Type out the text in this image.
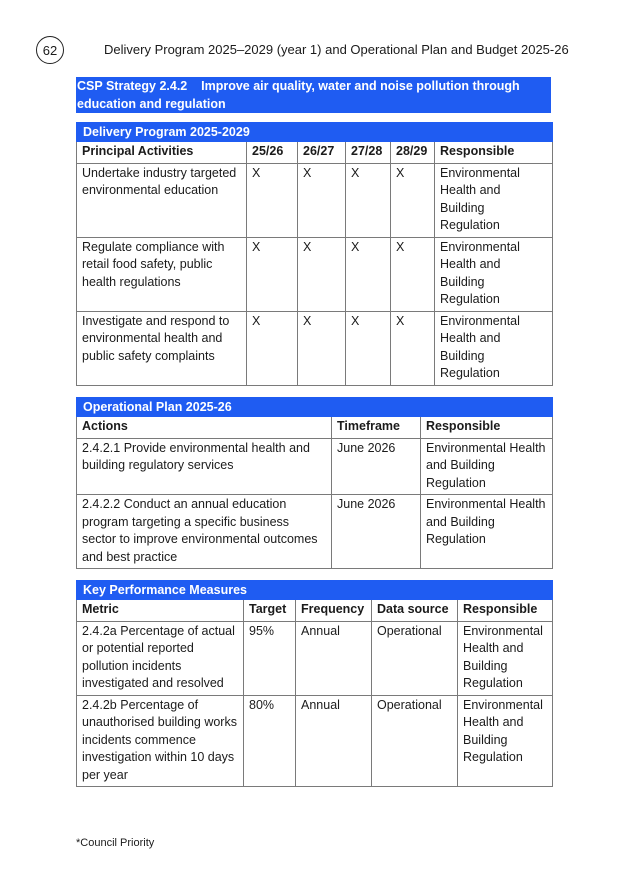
62	Delivery Program 2025–2029 (year 1) and Operational Plan and Budget 2025-26
CSP Strategy 2.4.2    Improve air quality, water and noise pollution through
education and regulation
Delivery Program 2025-2029					
Principal Activities	25/26	26/27	27/28	28/29	Responsible
Undertake industry targeted environmental education	X	X	X	X	Environmental Health and Building Regulation
Regulate compliance with retail food safety, public health regulations	X	X	X	X	Environmental Health and Building Regulation
Investigate and respond to environmental health and public safety complaints	X	X	X	X	Environmental Health and Building Regulation
Operational Plan 2025-26		
Actions	Timeframe	Responsible
2.4.2.1 Provide environmental health and building regulatory services	June 2026	Environmental Health and Building Regulation
2.4.2.2 Conduct an annual education program targeting a specific business sector to improve environmental outcomes and best practice	June 2026	Environmental Health and Building Regulation
Key Performance Measures				
Metric	Target	Frequency	Data source	Responsible
2.4.2a Percentage of actual or potential reported pollution incidents investigated and resolved	95%	Annual	Operational	Environmental Health and Building Regulation
2.4.2b Percentage of unauthorised building works incidents commence investigation within 10 days per year	80%	Annual	Operational	Environmental Health and Building Regulation
*Council Priority
